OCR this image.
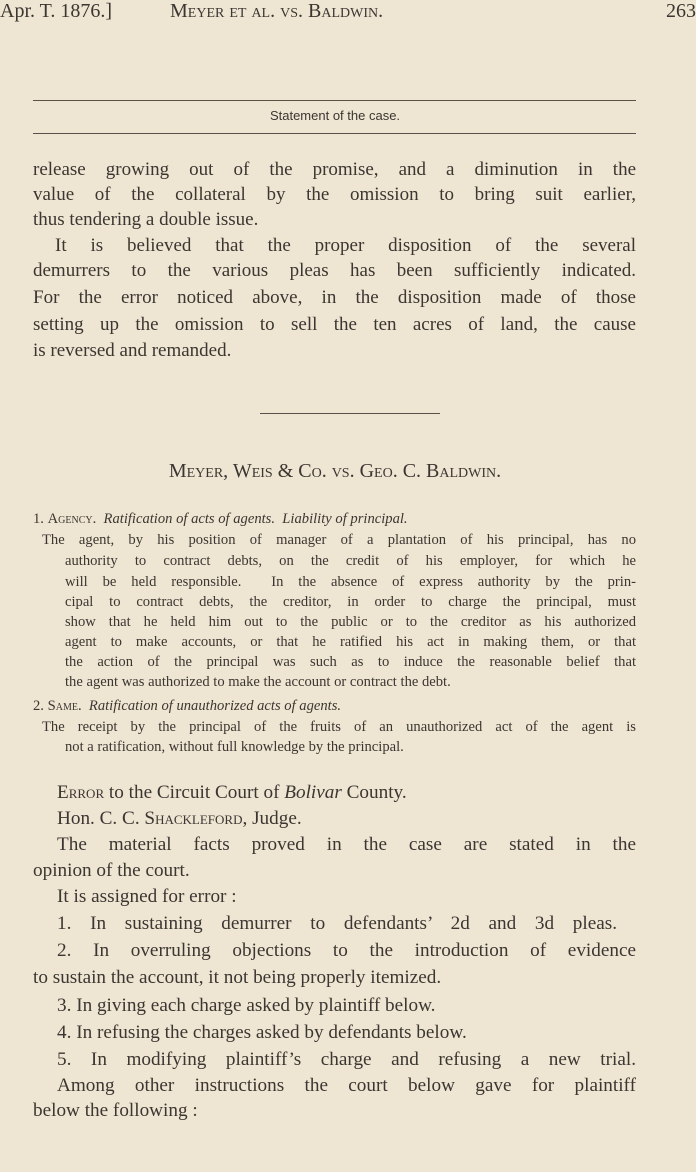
Apr. T. 1876.]	Meyer et al. vs. Baldwin.	263
Statement of the case.
release growing out of the promise, and a diminution in the
value of the collateral by the omission to bring suit earlier,
thus tendering a double issue.
It is believed that the proper disposition of the several
demurrers to the various pleas has been sufficiently indicated.
For the error noticed above, in the disposition made of those
setting up the omission to sell the ten acres of land, the cause
is reversed and remanded.
Meyer, Weis & Co. vs. Geo. C. Baldwin.
1. Agency. Ratification of acts of agents.  Liability of principal.
The agent, by his position of manager of a plantation of his principal, has no
authority to contract debts, on the credit of his employer, for which he
will be held responsible.  In the absence of express authority by the prin-
cipal to contract debts, the creditor, in order to charge the principal, must
show that he held him out to the public or to the creditor as his authorized
agent to make accounts, or that he ratified his act in making them, or that
the action of the principal was such as to induce the reasonable belief that
the agent was authorized to make the account or contract the debt.
2. Same. Ratification of unauthorized acts of agents.
The receipt by the principal of the fruits of an unauthorized act of the agent is
not a ratification, without full knowledge by the principal.
Error to the Circuit Court of Bolivar County.
Hon. C. C. Shackleford, Judge.
The material facts proved in the case are stated in the
opinion of the court.
It is assigned for error :
1. In sustaining demurrer to defendants’ 2d and 3d pleas.
2. In overruling objections to the introduction of evidence
to sustain the account, it not being properly itemized.
3. In giving each charge asked by plaintiff below.
4. In refusing the charges asked by defendants below.
5. In modifying plaintiff’s charge and refusing a new trial.
Among other instructions the court below gave for plaintiff
below the following :
